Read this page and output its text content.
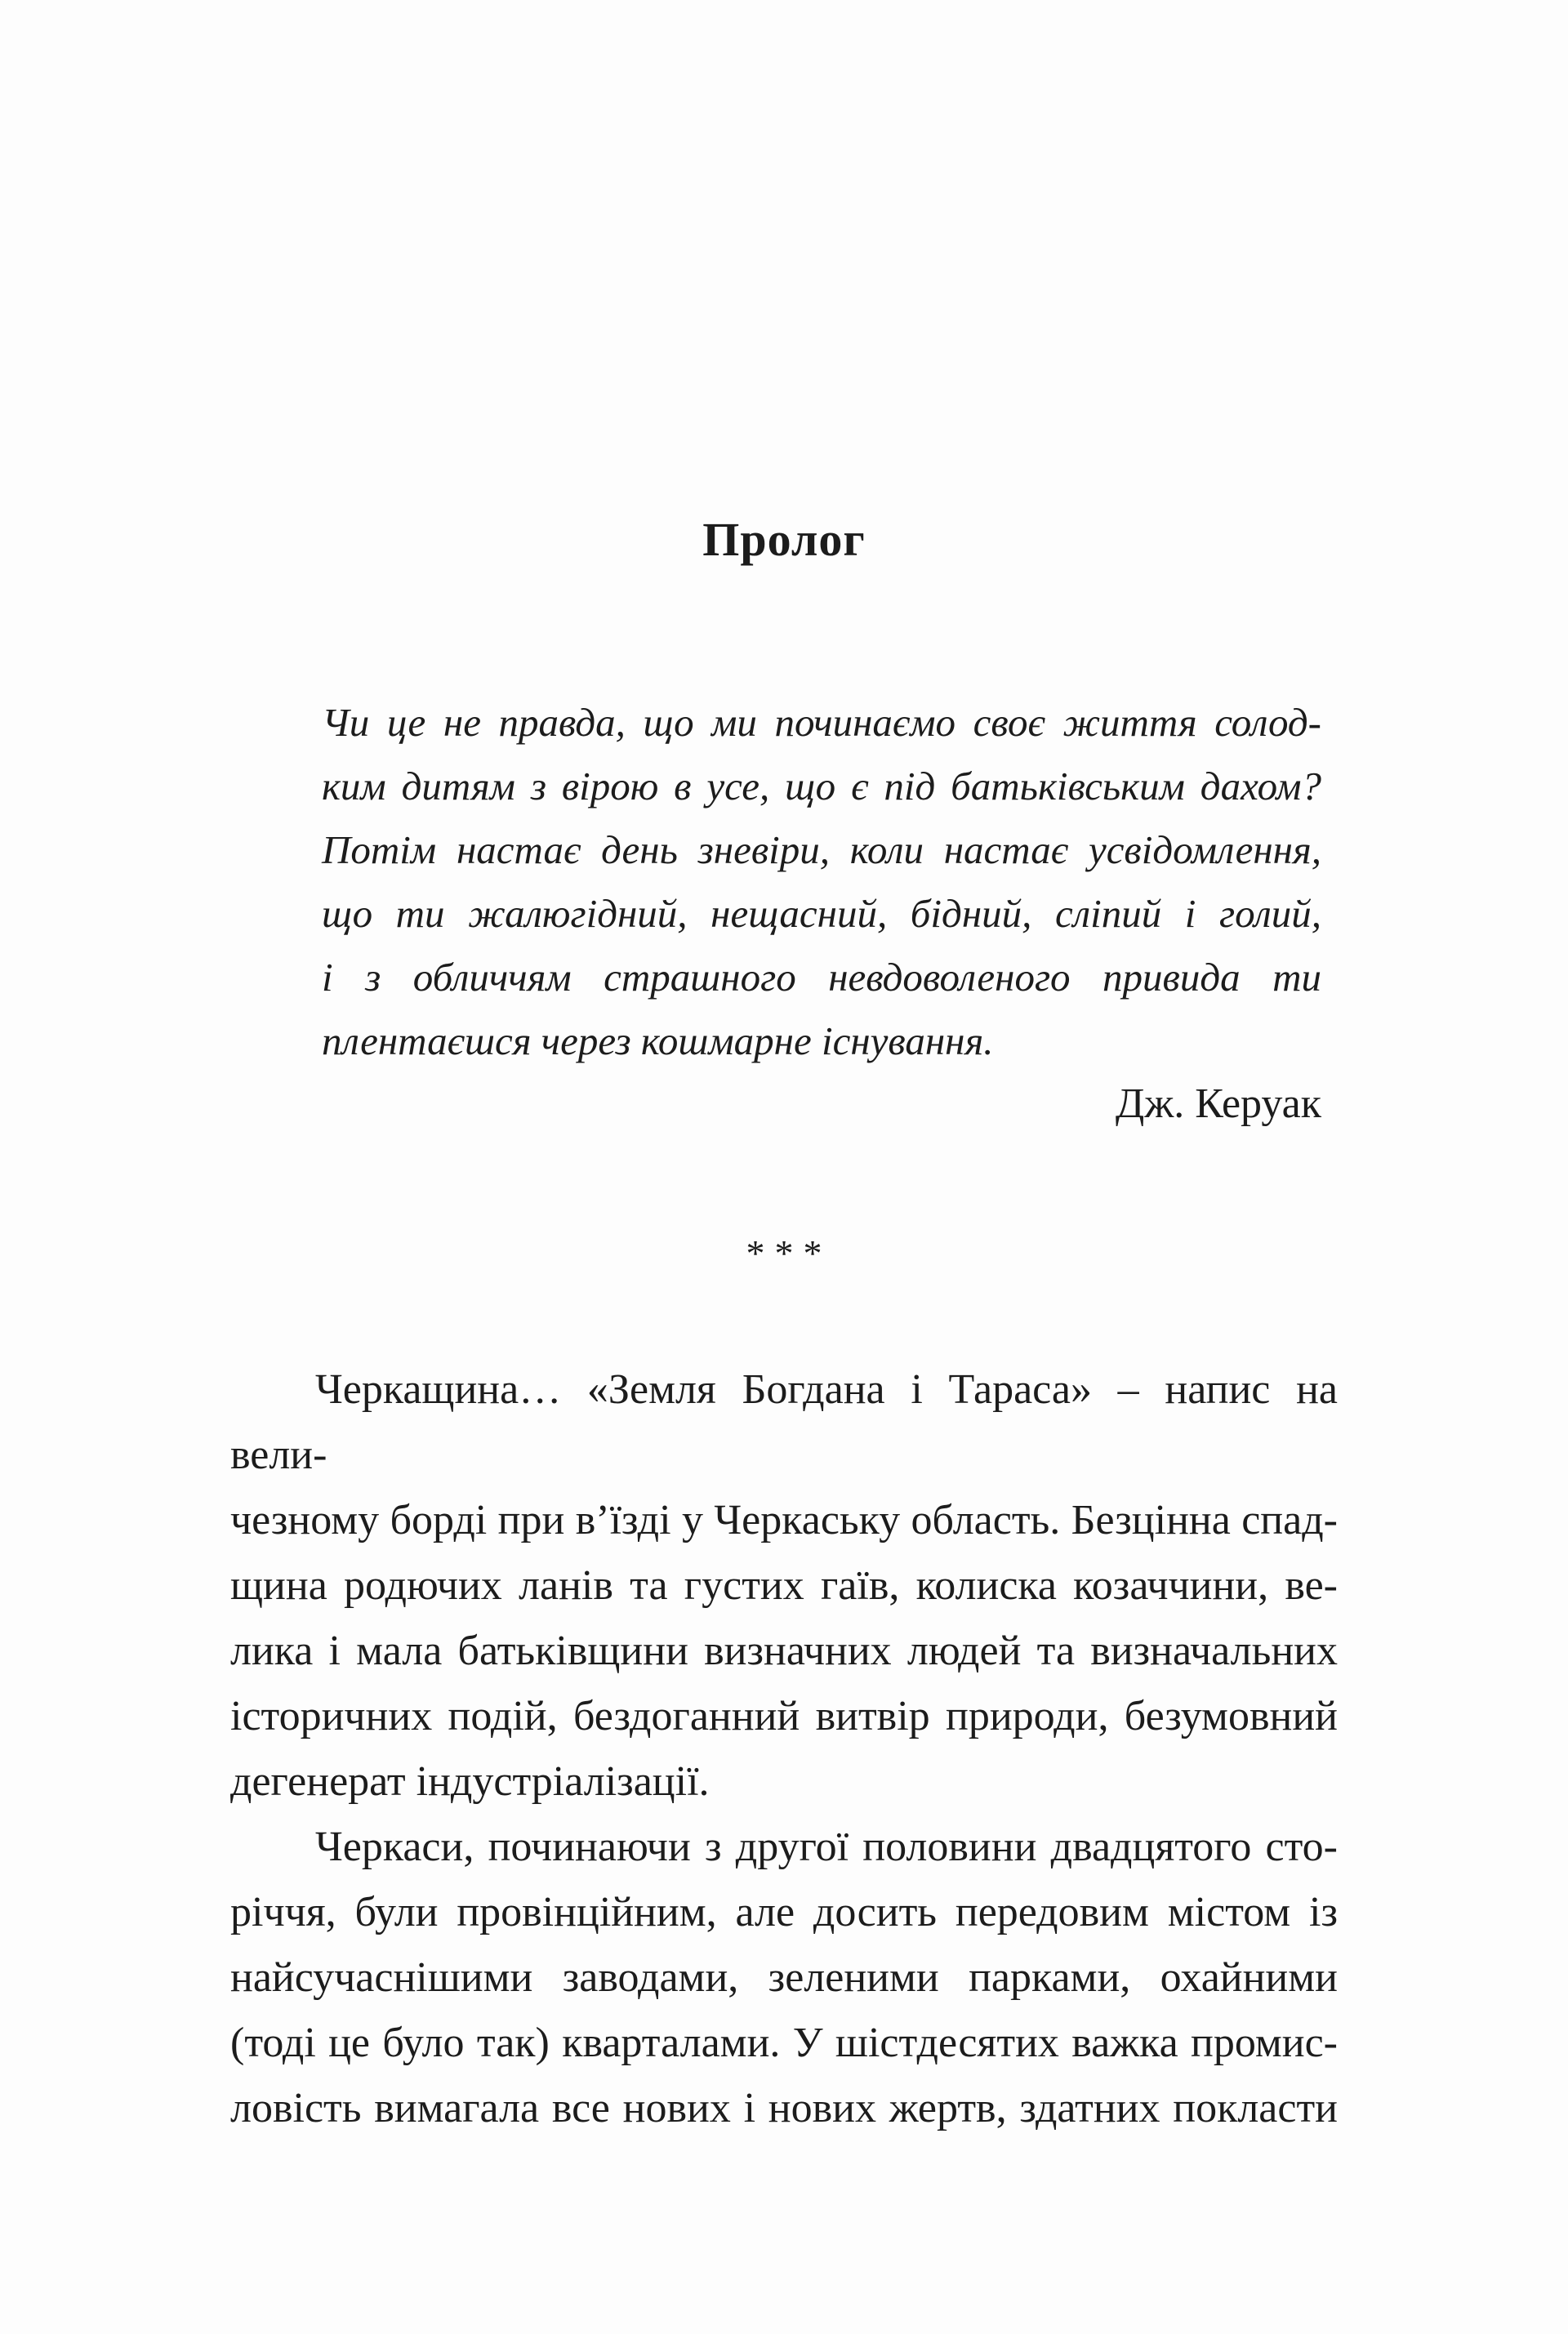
Пролог
Чи це не правда, що ми починаємо своє життя солод-
ким дитям з вірою в усе, що є під батьківським дахом?
Потім настає день зневіри, коли настає усвідомлення,
що ти жалюгідний, нещасний, бідний, сліпий і голий,
і з обличчям страшного невдоволеного привида ти
плентаєшся через кошмарне існування.
Дж. Керуак
***
Черкащина… «Земля Богдана і Тараса» – напис на вели-
чезному борді при в’їзді у Черкаську область. Безцінна спад-
щина родючих ланів та густих гаїв, колиска козаччини, ве-
лика і мала батьківщини визначних людей та визначальних
історичних подій, бездоганний витвір природи, безумовний
дегенерат індустріалізації.
Черкаси, починаючи з другої половини двадцятого сто-
річчя, були провінційним, але досить передовим містом із
найсучаснішими заводами, зеленими парками, охайними
(тоді це було так) кварталами. У шістдесятих важка промис-
ловість вимагала все нових і нових жертв, здатних покласти
